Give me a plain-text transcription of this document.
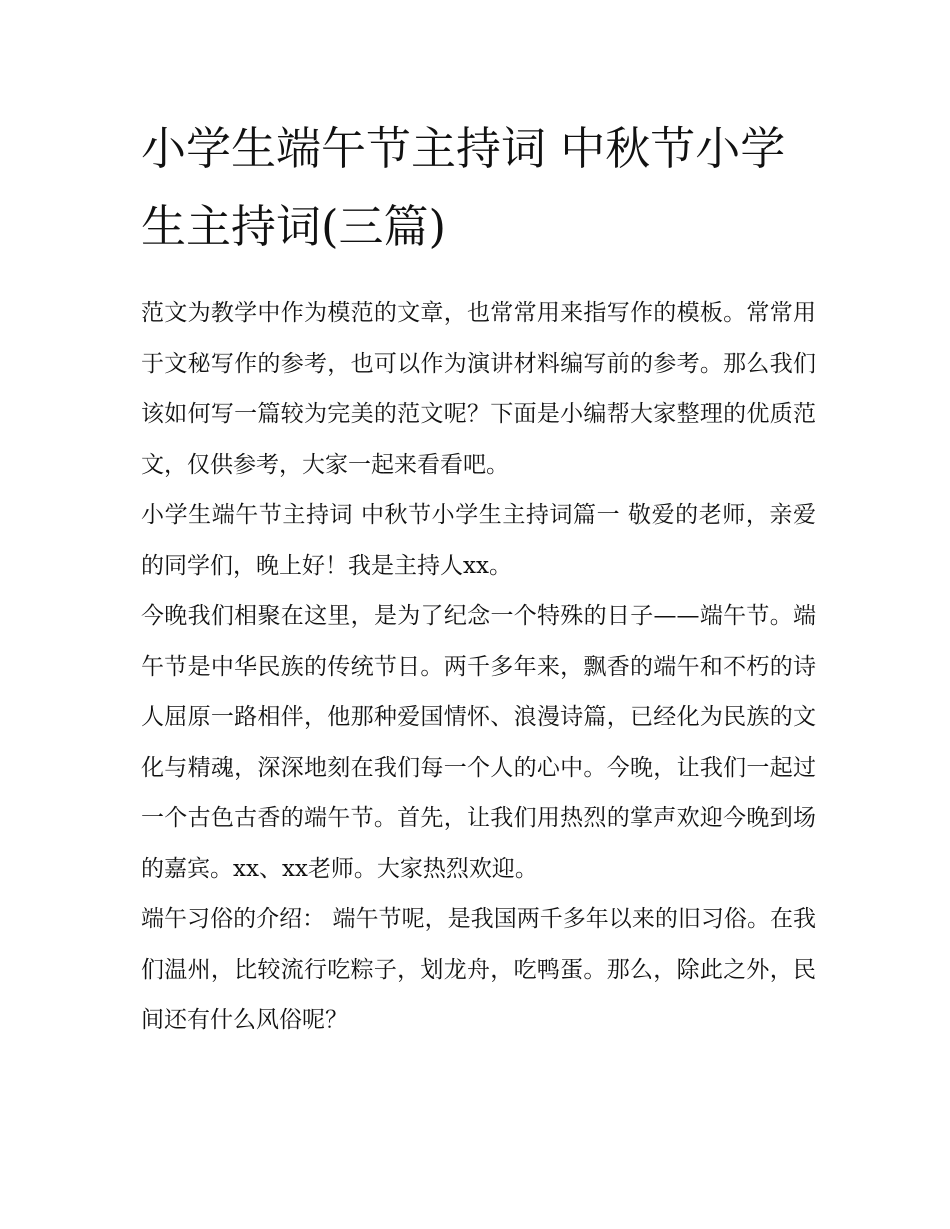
小学生端午节主持词 中秋节小学生主持词(三篇)

范文为教学中作为模范的文章，也常常用来指写作的模板。常常用于文秘写作的参考，也可以作为演讲材料编写前的参考。那么我们该如何写一篇较为完美的范文呢？下面是小编帮大家整理的优质范文，仅供参考，大家一起来看看吧。

小学生端午节主持词 中秋节小学生主持词篇一 敬爱的老师，亲爱的同学们，晚上好！我是主持人xx。

今晚我们相聚在这里，是为了纪念一个特殊的日子——端午节。端午节是中华民族的传统节日。两千多年来，飘香的端午和不朽的诗人屈原一路相伴，他那种爱国情怀、浪漫诗篇，已经化为民族的文化与精魂，深深地刻在我们每一个人的心中。今晚，让我们一起过一个古色古香的端午节。首先，让我们用热烈的掌声欢迎今晚到场的嘉宾。xx、xx老师。大家热烈欢迎。

端午习俗的介绍： 端午节呢，是我国两千多年以来的旧习俗。在我们温州，比较流行吃粽子，划龙舟，吃鸭蛋。那么，除此之外，民间还有什么风俗呢？
